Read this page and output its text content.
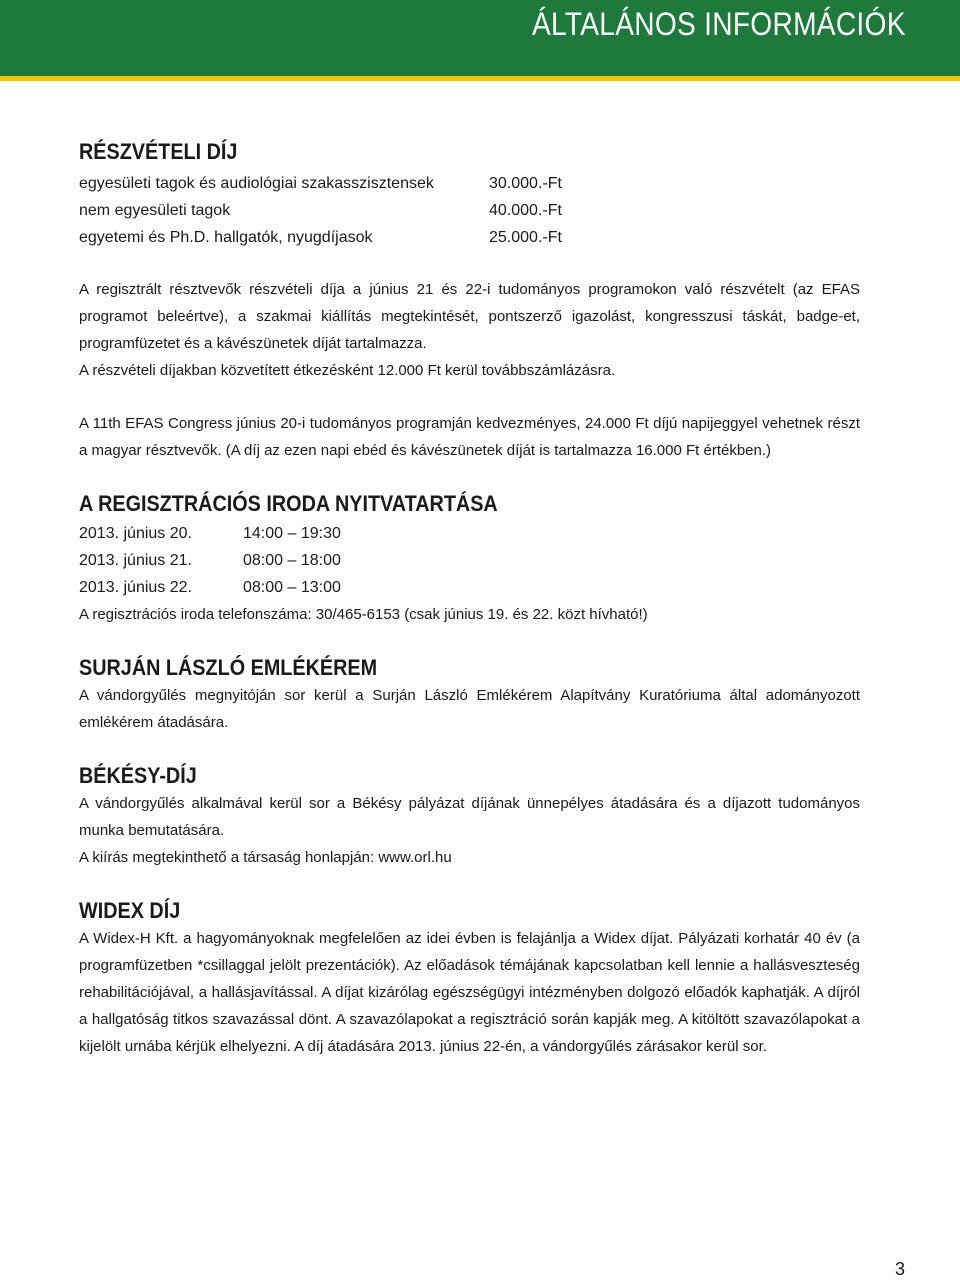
ÁLTALÁNOS INFORMÁCIÓK
RÉSZVÉTELI DÍJ
egyesületi tagok és audiológiai szakasszisztensek	30.000.-Ft
nem egyesületi tagok	40.000.-Ft
egyetemi és Ph.D. hallgatók, nyugdíjasok	25.000.-Ft

A regisztrált résztvevők részvételi díja a június 21 és 22-i tudományos programokon való részvételt (az EFAS programot beleértve), a szakmai kiállítás megtekintését, pontszerző igazolást, kongresszusi táskát, badge-et, programfüzetet és a kávészünetek díját tartalmazza.

A részvételi díjakban közvetített étkezésként 12.000 Ft kerül továbbszámlázásra.

A 11th EFAS Congress június 20-i tudományos programján kedvezményes, 24.000 Ft díjú napijeggyel vehetnek részt a magyar résztvevők. (A díj az ezen napi ebéd és kávészünetek díját is tartalmazza 16.000 Ft értékben.)

A REGISZTRÁCIÓS IRODA NYITVATARTÁSA
2013. június 20.	14:00 – 19:30
2013. június 21.	08:00 – 18:00
2013. június 22.	08:00 – 13:00

A regisztrációs iroda telefonszáma: 30/465-6153 (csak június 19. és 22. közt hívható!)

SURJÁN LÁSZLÓ EMLÉKÉREM

A vándorgyűlés megnyitóján sor kerül a Surján László Emlékérem Alapítvány Kuratóriuma által adományozott emlékérem átadására.

BÉKÉSY-DÍJ

A vándorgyűlés alkalmával kerül sor a Békésy pályázat díjának ünnepélyes átadására és a díjazott tudományos munka bemutatására.

A kiírás megtekinthető a társaság honlapján: www.orl.hu

WIDEX DÍJ

A Widex-H Kft. a hagyományoknak megfelelően az idei évben is felajánlja a Widex díjat. Pályázati korhatár 40 év (a programfüzetben *csillaggal jelölt prezentációk). Az előadások témájának kapcsolatban kell lennie a hallásveszteség rehabilitációjával, a hallásjavítással. A díjat kizárólag egészségügyi intézményben dolgozó előadók kaphatják. A díjról a hallgatóság titkos szavazással dönt. A szavazólapokat a regisztráció során kapják meg. A kitöltött szavazólapokat a kijelölt urnába kérjük elhelyezni. A díj átadására 2013. június 22-én, a vándorgyűlés zárásakor kerül sor.

3
